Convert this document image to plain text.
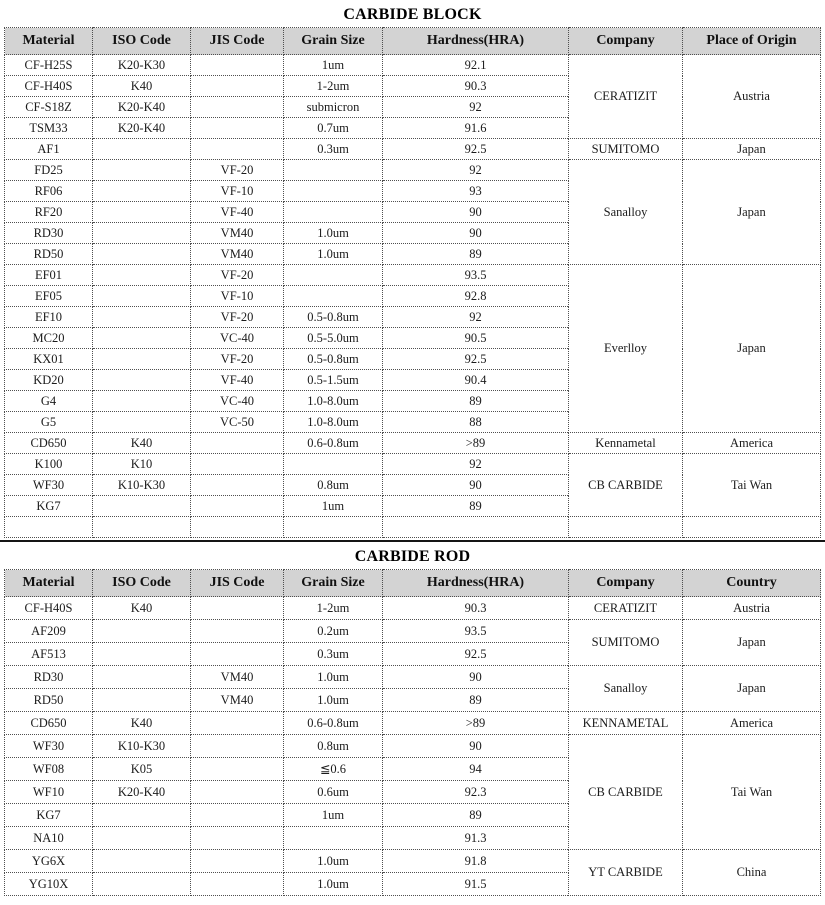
CARBIDE BLOCK
Material	ISO Code	JIS Code	Grain Size	Hardness(HRA)	Company	Place of Origin
CF-H25S	K20-K30		1um	92.1	CERATIZIT	Austria
CF-H40S	K40		1-2um	90.3		
CF-S18Z	K20-K40		submicron	92		
TSM33	K20-K40		0.7um	91.6		
AF1			0.3um	92.5	SUMITOMO	Japan
FD25		VF-20		92	Sanalloy	Japan
RF06		VF-10		93		
RF20		VF-40		90		
RD30		VM40	1.0um	90		
RD50		VM40	1.0um	89		
EF01		VF-20		93.5	Everlloy	Japan
EF05		VF-10		92.8		
EF10		VF-20	0.5-0.8um	92		
MC20		VC-40	0.5-5.0um	90.5		
KX01		VF-20	0.5-0.8um	92.5		
KD20		VF-40	0.5-1.5um	90.4		
G4		VC-40	1.0-8.0um	89		
G5		VC-50	1.0-8.0um	88		
CD650	K40		0.6-0.8um	>89	Kennametal	America
K100	K10			92	CB CARBIDE	Tai Wan
WF30	K10-K30		0.8um	90		
KG7			1um	89		

CARBIDE ROD
Material	ISO Code	JIS Code	Grain Size	Hardness(HRA)	Company	Country
CF-H40S	K40		1-2um	90.3	CERATIZIT	Austria
AF209			0.2um	93.5	SUMITOMO	Japan
AF513			0.3um	92.5		
RD30		VM40	1.0um	90	Sanalloy	Japan
RD50		VM40	1.0um	89		
CD650	K40		0.6-0.8um	>89	KENNAMETAL	America
WF30	K10-K30		0.8um	90	CB CARBIDE	Tai Wan
WF08	K05		≦0.6	94		
WF10	K20-K40		0.6um	92.3		
KG7			1um	89		
NA10				91.3		
YG6X			1.0um	91.8	YT CARBIDE	China
YG10X			1.0um	91.5		
